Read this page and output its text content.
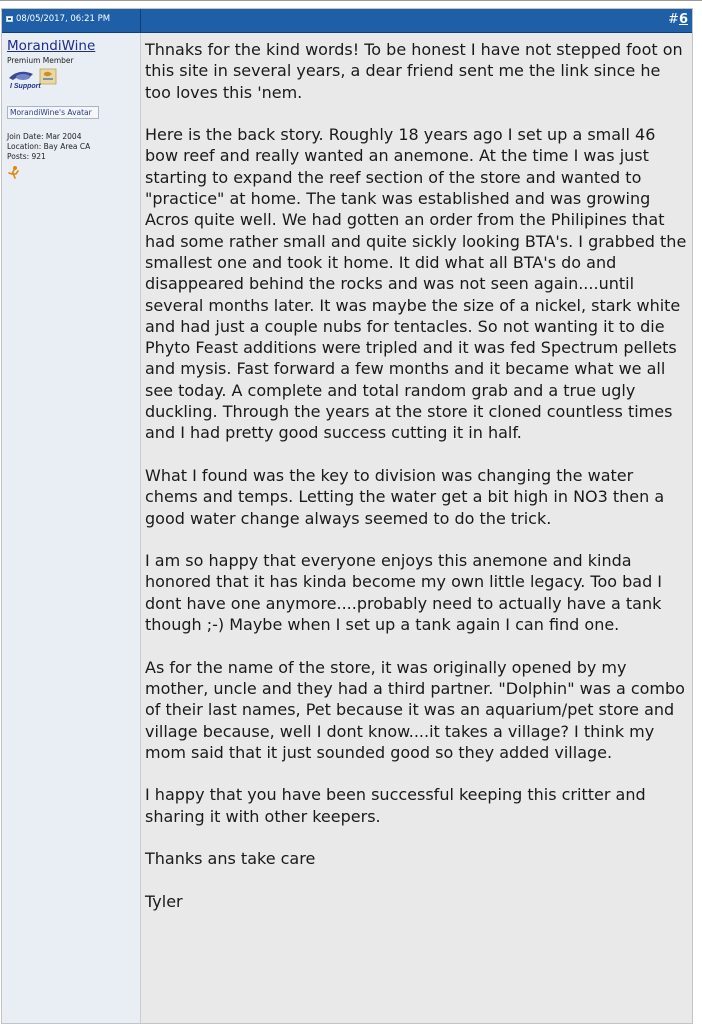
08/05/2017, 06:21 PM	#6
MorandiWine
Premium Member
I Support
MorandiWine's Avatar
Join Date: Mar 2004
Location: Bay Area CA
Posts: 921

Thnaks for the kind words! To be honest I have not stepped foot on this site in several years, a dear friend sent me the link since he too loves this 'nem.

Here is the back story. Roughly 18 years ago I set up a small 46 bow reef and really wanted an anemone. At the time I was just starting to expand the reef section of the store and wanted to "practice" at home. The tank was established and was growing Acros quite well. We had gotten an order from the Philipines that had some rather small and quite sickly looking BTA's. I grabbed the smallest one and took it home. It did what all BTA's do and disappeared behind the rocks and was not seen again....until several months later. It was maybe the size of a nickel, stark white and had just a couple nubs for tentacles. So not wanting it to die Phyto Feast additions were tripled and it was fed Spectrum pellets and mysis. Fast forward a few months and it became what we all see today. A complete and total random grab and a true ugly duckling. Through the years at the store it cloned countless times and I had pretty good success cutting it in half.

What I found was the key to division was changing the water chems and temps. Letting the water get a bit high in NO3 then a good water change always seemed to do the trick.

I am so happy that everyone enjoys this anemone and kinda honored that it has kinda become my own little legacy. Too bad I dont have one anymore....probably need to actually have a tank though ;-) Maybe when I set up a tank again I can find one.

As for the name of the store, it was originally opened by my mother, uncle and they had a third partner. "Dolphin" was a combo of their last names, Pet because it was an aquarium/pet store and village because, well I dont know....it takes a village? I think my mom said that it just sounded good so they added village.

I happy that you have been successful keeping this critter and sharing it with other keepers.

Thanks ans take care

Tyler
